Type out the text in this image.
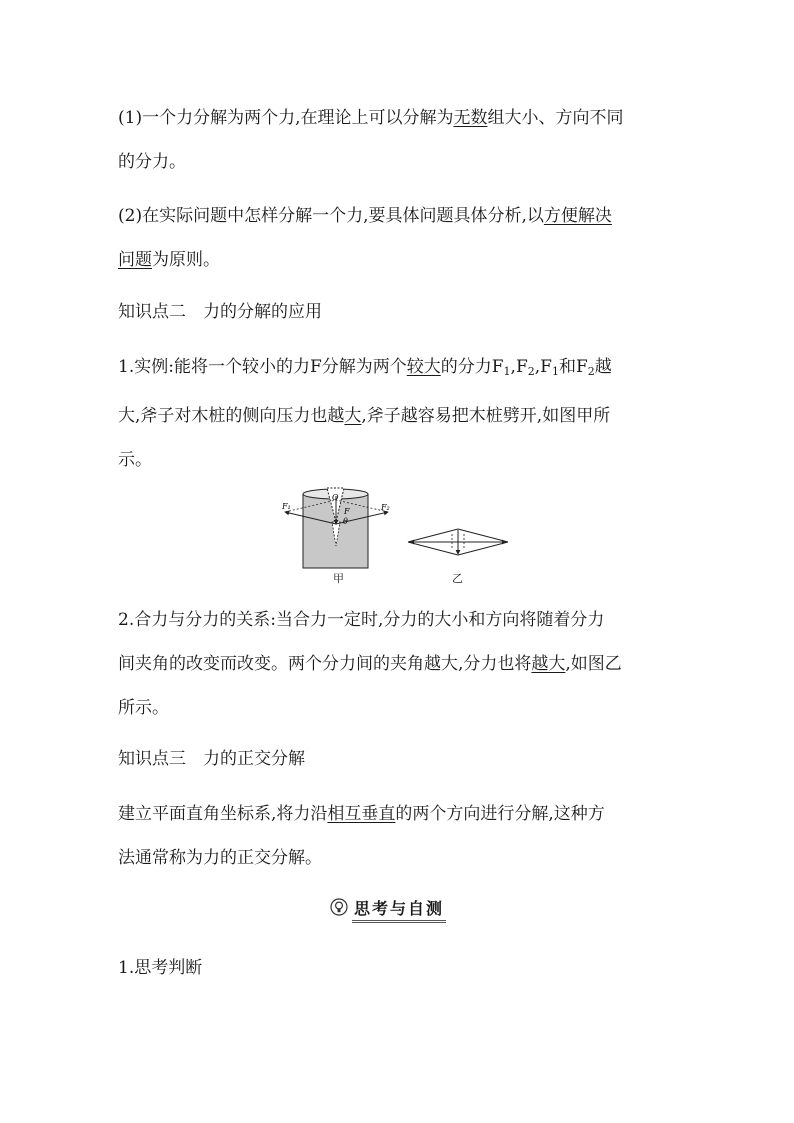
(1)一个力分解为两个力,在理论上可以分解为无数组大小、方向不同
的分力。

(2)在实际问题中怎样分解一个力,要具体问题具体分析,以方便解决
问题为原则。

知识点二　力的分解的应用

1.实例:能将一个较小的力F分解为两个较大的分力$F_1,F_2,F_1$和$F_2$越
大,斧子对木桩的侧向压力也越大,斧子越容易把木桩劈开,如图甲所
示。

F₁	F₂
O
F
θ
甲	乙

2.合力与分力的关系:当合力一定时,分力的大小和方向将随着分力
间夹角的改变而改变。两个分力间的夹角越大,分力也将越大,如图乙
所示。

知识点三　力的正交分解

建立平面直角坐标系,将力沿相互垂直的两个方向进行分解,这种方
法通常称为力的正交分解。

思考与自测

1.思考判断
